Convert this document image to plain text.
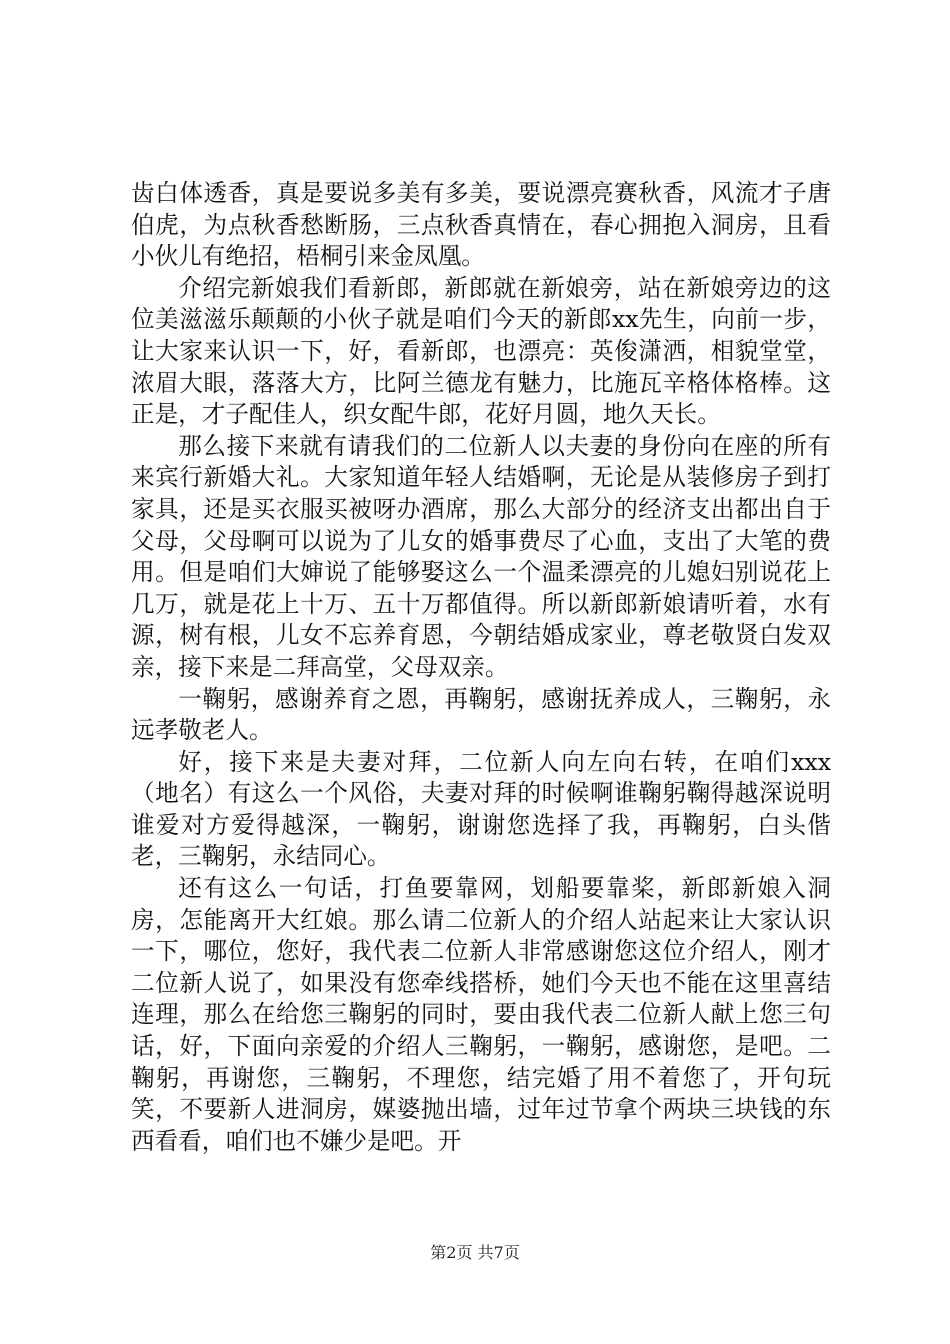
齿白体透香，真是要说多美有多美，要说漂亮赛秋香，风流才子唐伯虎，为点秋香愁断肠，三点秋香真情在，春心拥抱入洞房，且看小伙儿有绝招，梧桐引来金凤凰。

介绍完新娘我们看新郎，新郎就在新娘旁，站在新娘旁边的这位美滋滋乐颠颠的小伙子就是咱们今天的新郎xx先生，向前一步，让大家来认识一下，好，看新郎，也漂亮：英俊潇洒，相貌堂堂，浓眉大眼，落落大方，比阿兰德龙有魅力，比施瓦辛格体格棒。这正是，才子配佳人，织女配牛郎，花好月圆，地久天长。

那么接下来就有请我们的二位新人以夫妻的身份向在座的所有来宾行新婚大礼。大家知道年轻人结婚啊，无论是从装修房子到打家具，还是买衣服买被呀办酒席，那么大部分的经济支出都出自于父母，父母啊可以说为了儿女的婚事费尽了心血，支出了大笔的费用。但是咱们大婶说了能够娶这么一个温柔漂亮的儿媳妇别说花上几万，就是花上十万、五十万都值得。所以新郎新娘请听着，水有源，树有根，儿女不忘养育恩，今朝结婚成家业，尊老敬贤白发双亲，接下来是二拜高堂，父母双亲。

一鞠躬，感谢养育之恩，再鞠躬，感谢抚养成人，三鞠躬，永远孝敬老人。

好，接下来是夫妻对拜，二位新人向左向右转，在咱们xxx（地名）有这么一个风俗，夫妻对拜的时候啊谁鞠躬鞠得越深说明谁爱对方爱得越深，一鞠躬，谢谢您选择了我，再鞠躬，白头偕老，三鞠躬，永结同心。

还有这么一句话，打鱼要靠网，划船要靠桨，新郎新娘入洞房，怎能离开大红娘。那么请二位新人的介绍人站起来让大家认识一下，哪位，您好，我代表二位新人非常感谢您这位介绍人，刚才二位新人说了，如果没有您牵线搭桥，她们今天也不能在这里喜结连理，那么在给您三鞠躬的同时，要由我代表二位新人献上您三句话，好，下面向亲爱的介绍人三鞠躬，一鞠躬，感谢您，是吧。二鞠躬，再谢您，三鞠躬，不理您，结完婚了用不着您了，开句玩笑，不要新人进洞房，媒婆抛出墙，过年过节拿个两块三块钱的东西看看，咱们也不嫌少是吧。开

第2页 共7页
